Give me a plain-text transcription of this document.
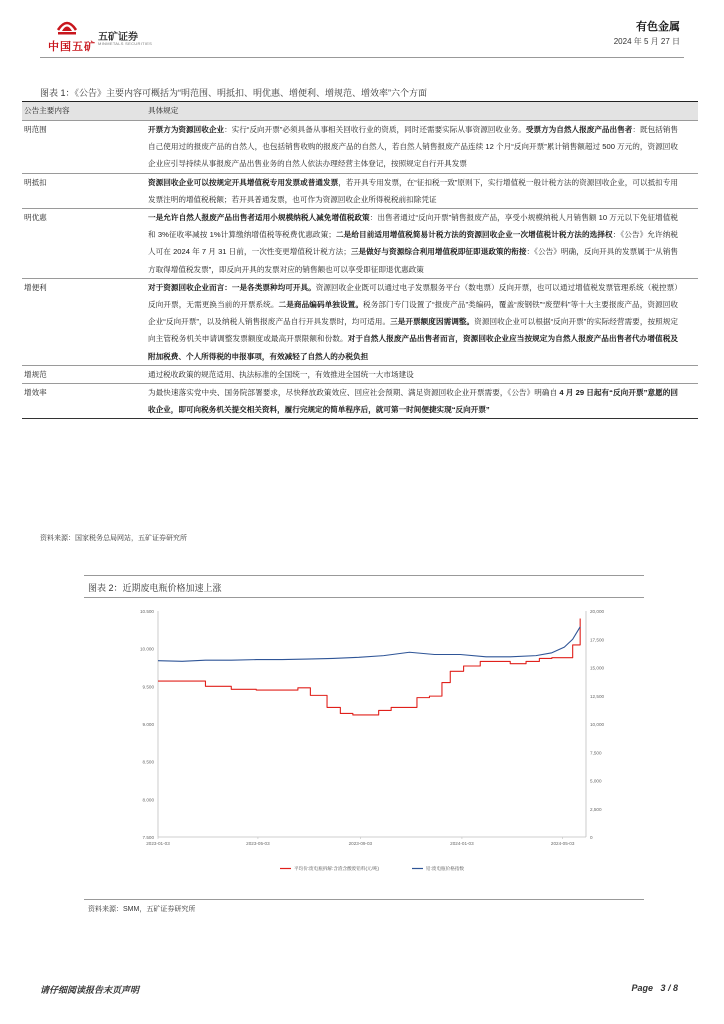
中国五矿
五矿证券
MINMETALS SECURITIES
有色金属
2024 年 5 月 27 日
图表 1：《公告》主要内容可概括为“明范围、明抵扣、明优惠、增便利、增规范、增效率”六个方面
公告主要内容	具体规定
明范围	开票方为资源回收企业：实行“反向开票”必须具备从事相关回收行业的资质，同时还需要实际从事资源回收业务。受票方为自然人报废产品出售者：既包括销售自己使用过的报废产品的自然人，也包括销售收购的报废产品的自然人，若自然人销售报废产品连续 12 个月“反向开票”累计销售额超过 500 万元的，资源回收企业应引导持续从事报废产品出售业务的自然人依法办理经营主体登记，按照规定自行开具发票
明抵扣	资源回收企业可以按规定开具增值税专用发票或普通发票，若开具专用发票，在“征扣税一致”原则下，实行增值税一般计税方法的资源回收企业，可以抵扣专用发票注明的增值税税额；若开具普通发票，也可作为资源回收企业所得税税前扣除凭证
明优惠	一是允许自然人报废产品出售者适用小规模纳税人减免增值税政策：出售者通过“反向开票”销售报废产品，享受小规模纳税人月销售额 10 万元以下免征增值税和 3%征收率减按 1%计算缴纳增值税等税费优惠政策；二是给目前适用增值税简易计税方法的资源回收企业一次增值税计税方法的选择权：《公告》允许纳税人可在 2024 年 7 月 31 日前，一次性变更增值税计税方法；三是做好与资源综合利用增值税即征即退政策的衔接：《公告》明确，反向开具的发票属于“从销售方取得增值税发票”，即反向开具的发票对应的销售额也可以享受即征即退优惠政策
增便利	对于资源回收企业而言：一是各类票种均可开具。资源回收企业既可以通过电子发票服务平台（数电票）反向开票，也可以通过增值税发票管理系统（税控票）反向开票，无需更换当前的开票系统。二是商品编码单独设置。税务部门专门设置了“报废产品”类编码，覆盖“废钢铁”“废塑料”等十大主要报废产品，资源回收企业“反向开票”，以及纳税人销售报废产品自行开具发票时，均可适用。三是开票额度因需调整。资源回收企业可以根据“反向开票”的实际经营需要，按照规定向主管税务机关申请调整发票额度或最高开票限额和份数。对于自然人报废产品出售者而言，资源回收企业应当按规定为自然人报废产品出售者代办增值税及附加税费、个人所得税的申报事项，有效减轻了自然人的办税负担
增规范	通过税收政策的规范适用、执法标准的全国统一，有效推进全国统一大市场建设
增效率	为最快速落实党中央、国务院部署要求，尽快释放政策效应、回应社会预期、满足资源回收企业开票需要，《公告》明确自 4 月 29 日起有“反向开票”意愿的回收企业，即可向税务机关提交相关资料，履行完规定的简单程序后，就可第一时间便捷实现“反向开票”
资料来源：国家税务总局网站，五矿证券研究所
图表 2：近期废电瓶价格加速上涨
7.500
8.000
8.500
9.000
9.500
10.000
10.500
0
2,500
5,000
7,500
10,000
12,500
15,000
17,500
20,000
2023-01-03	2023-05-03	2023-09-03	2024-01-03	2024-05-03
平均价:废电瓶拆解:含渣含酸废铅料(元/吨)	铅:废电瓶价格指数
资料来源：SMM，五矿证券研究所
请仔细阅读报告末页声明	Page   3 / 8
